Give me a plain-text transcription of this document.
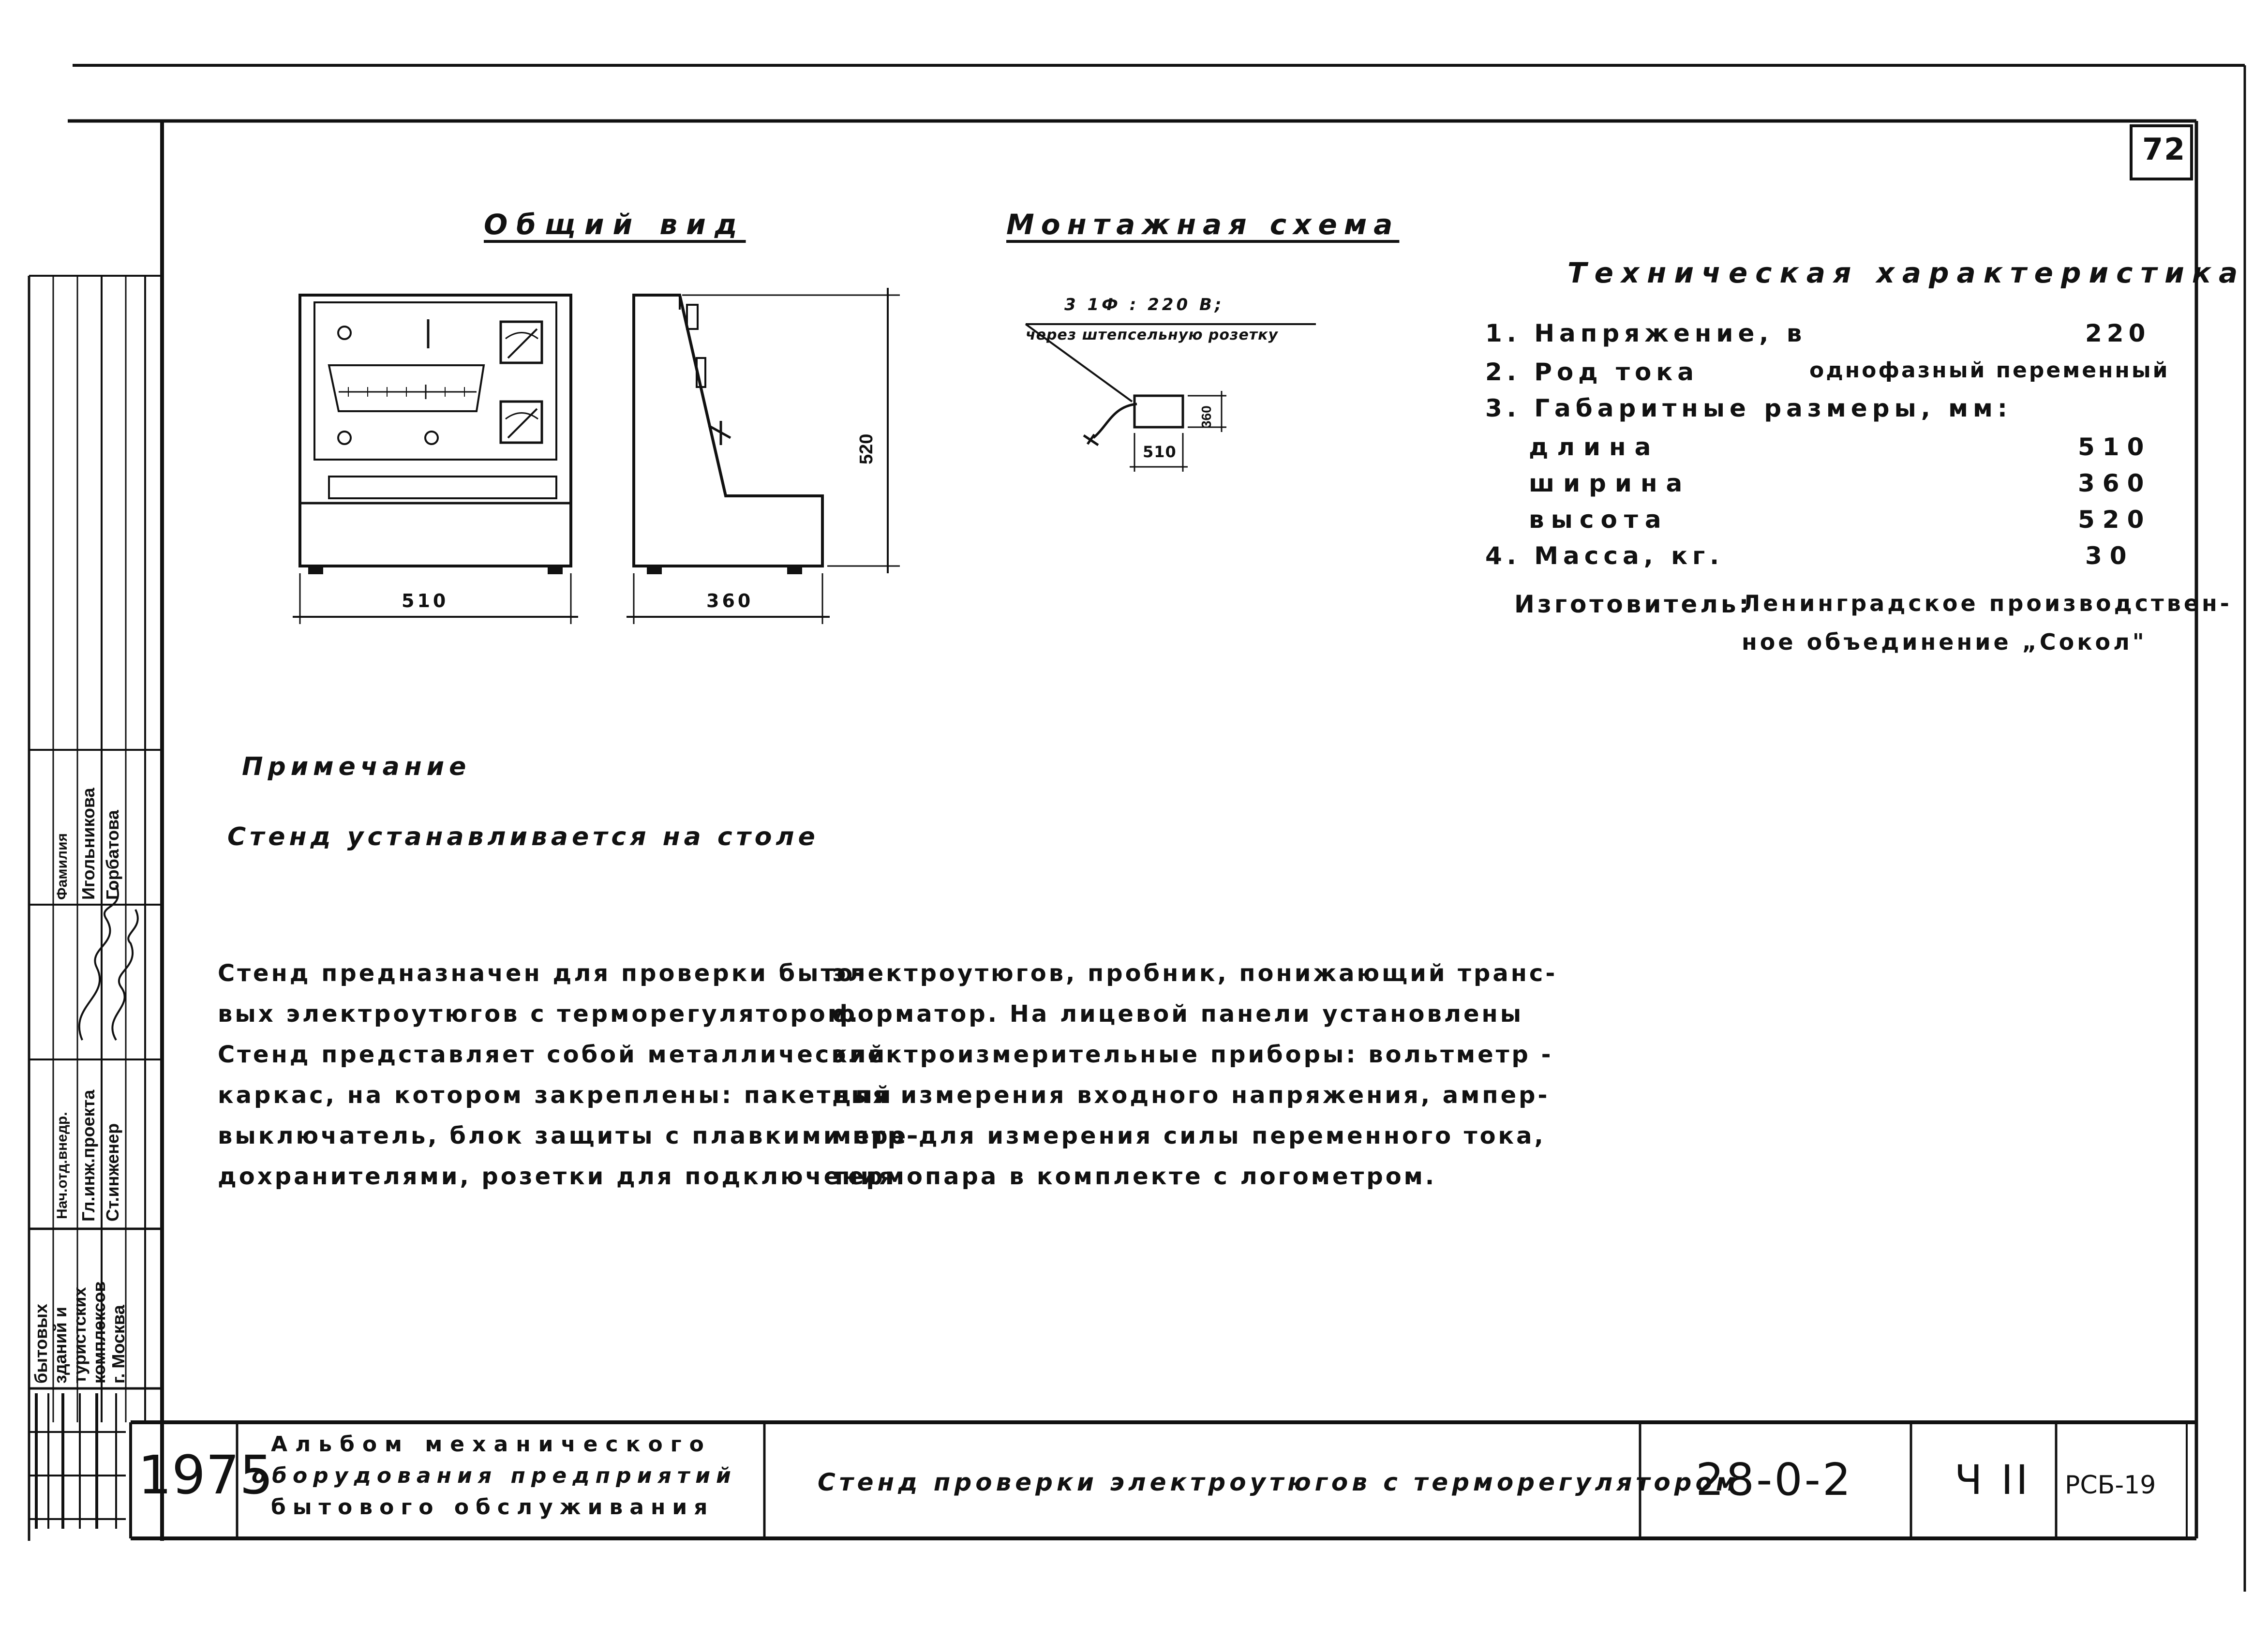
72
Общий вид
510	360
520
Монтажная схема
3 1Ф : 220 В;
через штепсельную розетку
510
360
Техническая характеристика
1. Напряжение, в	220
2. Род тока	однофазный переменный
3. Габаритные размеры, мм:
длина	510
ширина	360
высота	520
4. Масса, кг.	30
Изготовитель:
Ленинградское производствен-
ное объединение „Сокол"
Примечание
Стенд устанавливается на столе
Стенд предназначен для проверки быто-
вых электроутюгов с терморегулятором.
Стенд представляет собой металлический
каркас, на котором закреплены: пакетный
выключатель, блок защиты с плавкими пре-
дохранителями, розетки для подключения
электроутюгов, пробник, понижающий транс-
форматор. На лицевой панели установлены
электроизмерительные приборы: вольтметр -
для измерения входного напряжения, ампер-
метр-для измерения силы переменного тока,
термопара в комплекте с логометром.
1975
Альбом механического
оборудования предприятий
бытового обслуживания
Стенд проверки электроутюгов с терморегулятором
28-0-2	Ч II РСБ-19
бытовых зданий и туристских комплексов г. Москва
Нач.отд.внедр. Гл.инж.проекта Ст.инженер
Фамилия Игольникова Горбатова
